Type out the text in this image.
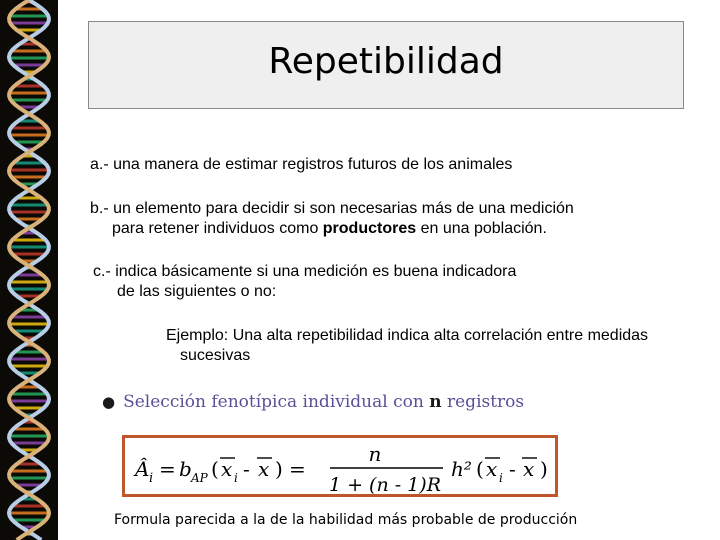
Repetibilidad
a.- una manera de estimar registros futuros de los animales
b.- un elemento para decidir si son necesarias más de una medición
para retener individuos como productores en una población.
c.- indica básicamente si una medición es buena indicadora
de las siguientes o no:
Ejemplo: Una alta repetibilidad indica alta correlación entre medidas
sucesivas
● Selección fenotípica individual con n registros
Â i = b AP ( x i - x ) =
n
1 + (n - 1)R
h² ( x i - x )
Formula parecida a la de la habilidad más probable de producción
